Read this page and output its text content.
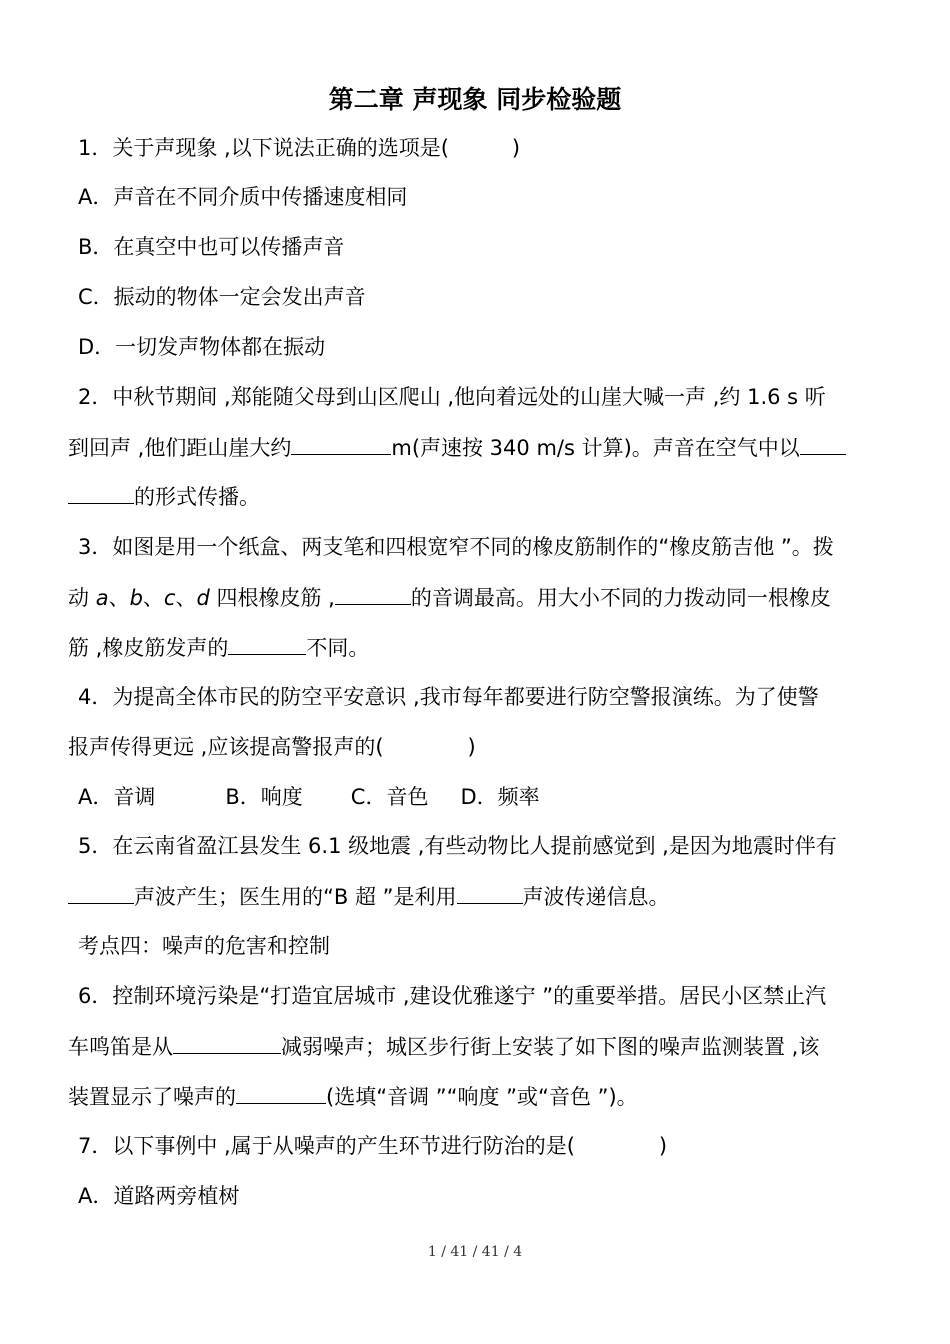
第二章 声现象 同步检验题

1．关于声现象 ,以下说法正确的选项是(　　　)

A．声音在不同介质中传播速度相同

B．在真空中也可以传播声音

C．振动的物体一定会发出声音

D．一切发声物体都在振动

2．中秋节期间 ,郑能随父母到山区爬山 ,他向着远处的山崖大喊一声 ,约 1.6 s 听

到回声 ,他们距山崖大约	m(声速按 340 m/s 计算)。声音在空气中以

的形式传播。

3．如图是用一个纸盒、两支笔和四根宽窄不同的橡皮筋制作的“橡皮筋吉他 ”。拨

动 a、b、c、d 四根橡皮筋 ,	的音调最高。用大小不同的力拨动同一根橡皮

筋 ,橡皮筋发声的	不同。

4．为提高全体市民的防空平安意识 ,我市每年都要进行防空警报演练。为了使警

报声传得更远 ,应该提高警报声的(　　　　)

A．音调	B．响度 C．音色 D．频率

5．在云南省盈江县发生 6.1 级地震 ,有些动物比人提前感觉到 ,是因为地震时伴有

声波产生；医生用的“B 超 ”是利用	声波传递信息。

考点四：噪声的危害和控制

6．控制环境污染是“打造宜居城市 ,建设优雅遂宁 ”的重要举措。居民小区禁止汽

车鸣笛是从	减弱噪声；城区步行街上安装了如下图的噪声监测装置 ,该

装置显示了噪声的	(选填“音调 ”“响度 ”或“音色 ”)。

7．以下事例中 ,属于从噪声的产生环节进行防治的是(　　　　)

A．道路两旁植树

1 / 41 / 41 / 4
